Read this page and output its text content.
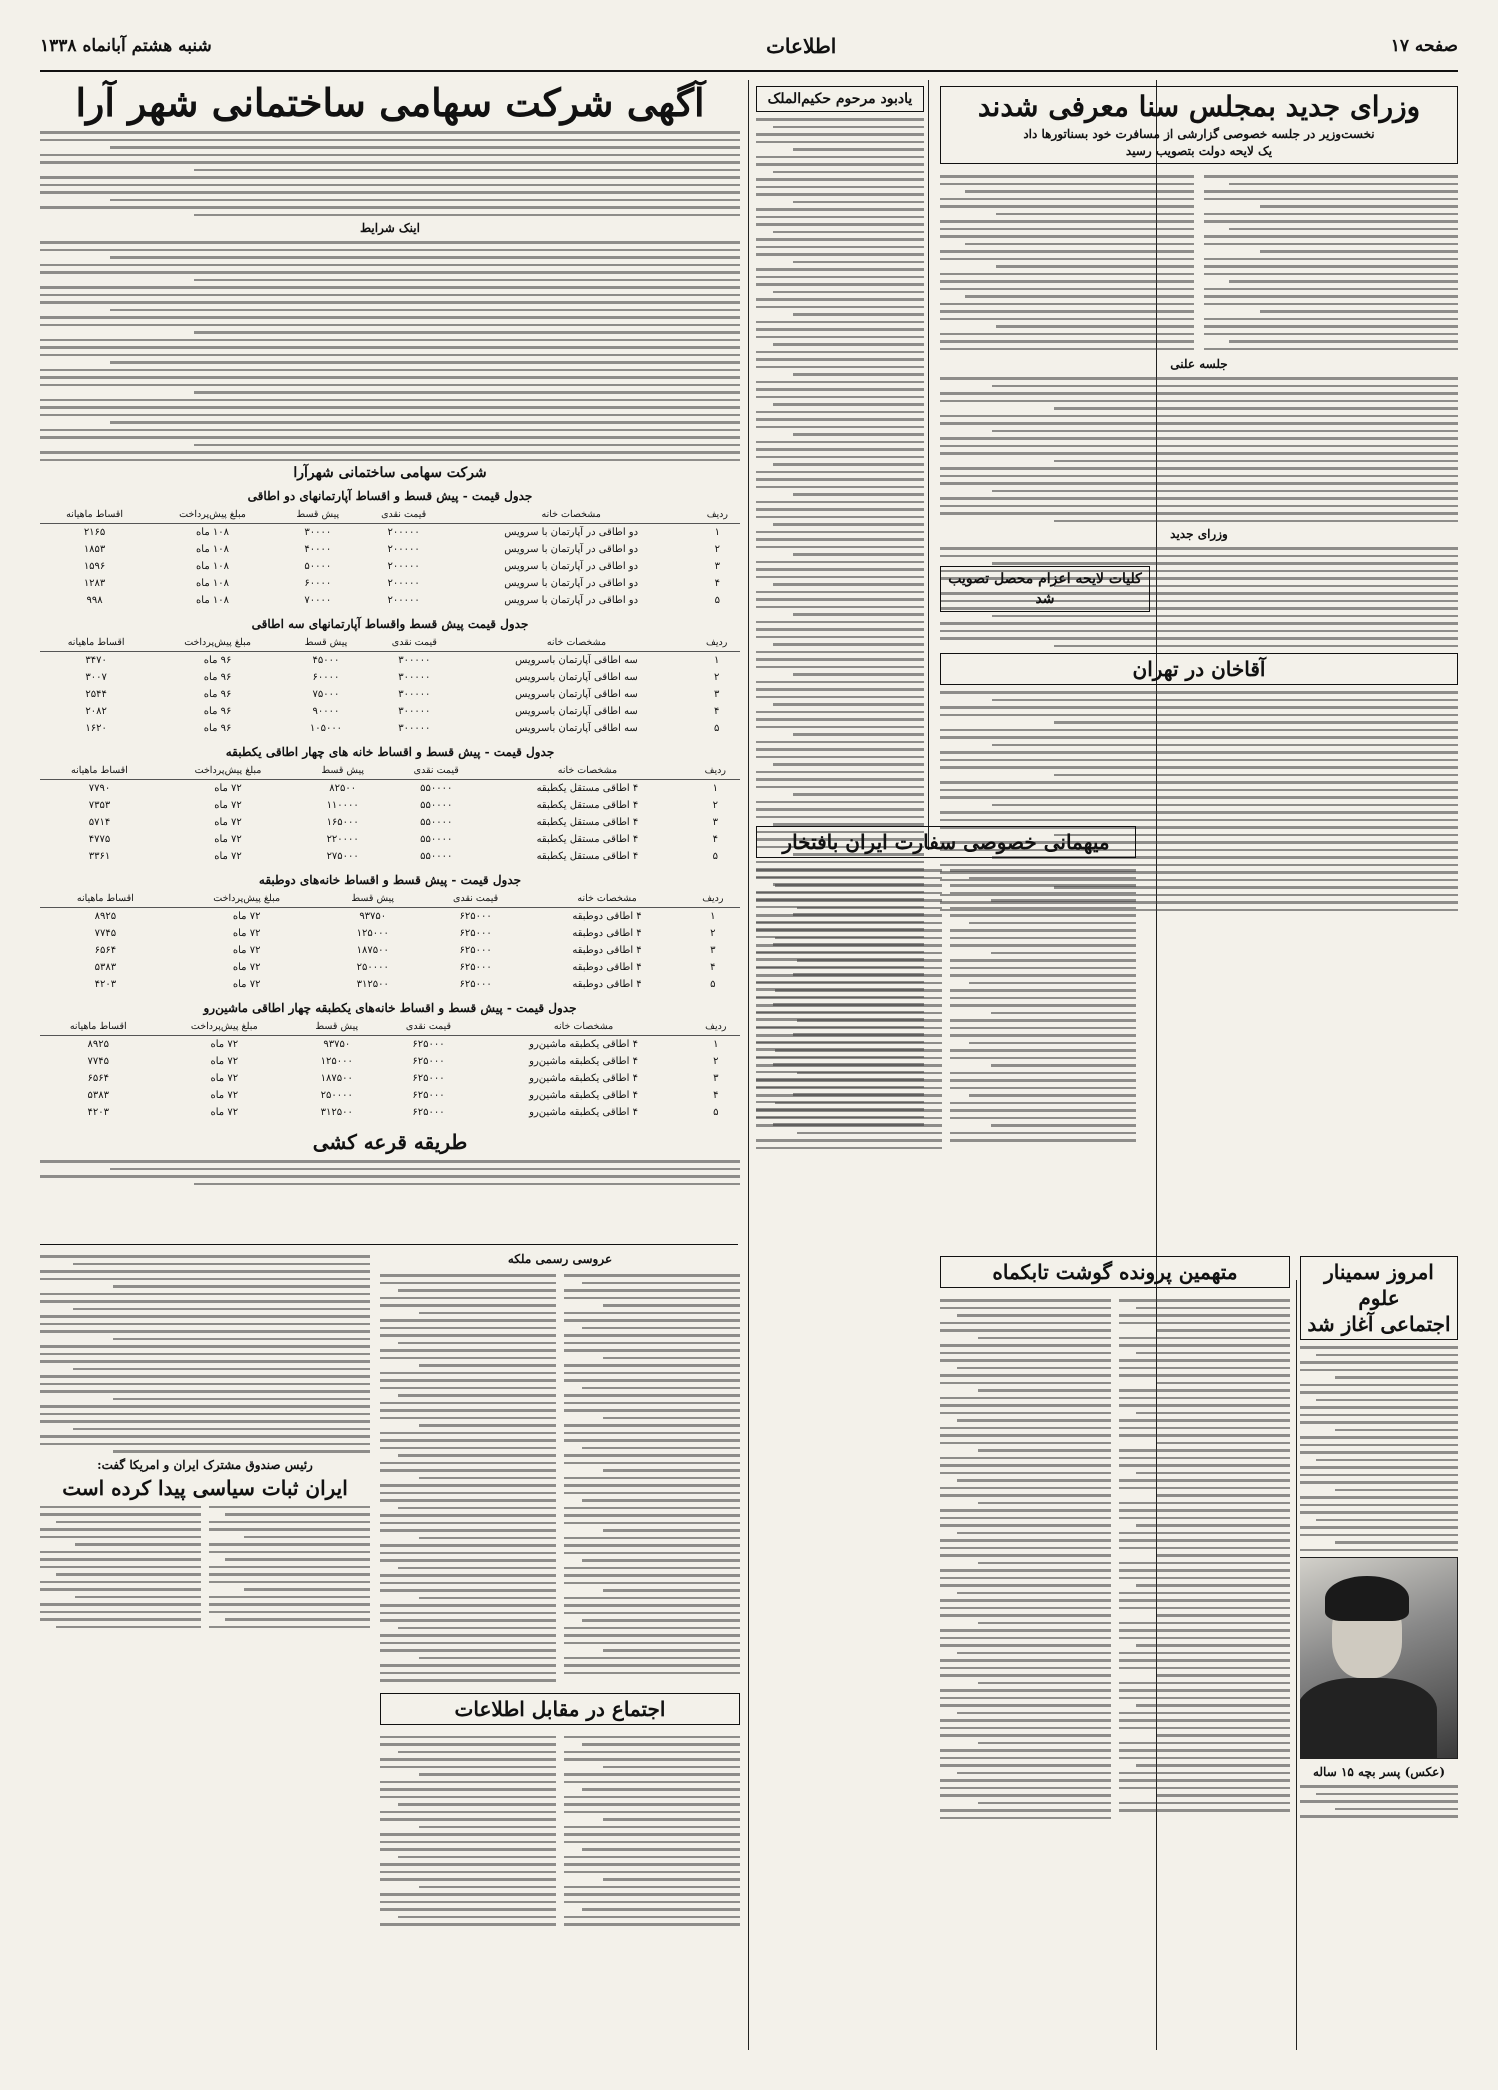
صفحه ۱۷
اطلاعات
شنبه هشتم آبانماه ۱۳۳۸
وزرای جدید بمجلس سنا معرفی شدند
نخست‌وزیر در جلسه خصوصی گزارشی از مسافرت خود بسناتورها داد
یک لایحه دولت بتصویب رسید
جلسه علنی
وزرای جدید
آقاخان در تهران
امروز سمینار علوم
اجتماعی آغاز شد
(عکس) پسر بچه ۱۵ ساله
متهمین پرونده گوشت تابکماه
یادبود مرحوم حکیم‌الملک
میهمانی خصوصی سفارت ایران بافتخار
کلیات لایحه اعزام محصل تصویب شد
عروسی رسمی ملکه
اجتماع در مقابل اطلاعات
آگهی شرکت سهامی ساختمانی شهر آرا
اینک شرایط
شرکت سهامی ساختمانی شهرآرا
جدول قیمت - پیش قسط و اقساط آپارتمانهای دو اطاقی
ردیف	مشخصات خانه	قیمت نقدی	پیش قسط	مبلغ پیش‌پرداخت	اقساط ماهیانه
۱	دو اطاقی در آپارتمان با سرویس	۲۰۰۰۰۰	۳۰۰۰۰	۱۰۸ ماه	۲۱۶۵
۲	دو اطاقی در آپارتمان با سرویس	۲۰۰۰۰۰	۴۰۰۰۰	۱۰۸ ماه	۱۸۵۳
۳	دو اطاقی در آپارتمان با سرویس	۲۰۰۰۰۰	۵۰۰۰۰	۱۰۸ ماه	۱۵۹۶
۴	دو اطاقی در آپارتمان با سرویس	۲۰۰۰۰۰	۶۰۰۰۰	۱۰۸ ماه	۱۲۸۳
۵	دو اطاقی در آپارتمان با سرویس	۲۰۰۰۰۰	۷۰۰۰۰	۱۰۸ ماه	۹۹۸
جدول قیمت پیش قسط واقساط آپارتمانهای سه اطاقی
ردیف	مشخصات خانه	قیمت نقدی	پیش قسط	مبلغ پیش‌پرداخت	اقساط ماهیانه
۱	سه اطاقی آپارتمان باسرویس	۳۰۰۰۰۰	۴۵۰۰۰	۹۶ ماه	۳۴۷۰
۲	سه اطاقی آپارتمان باسرویس	۳۰۰۰۰۰	۶۰۰۰۰	۹۶ ماه	۳۰۰۷
۳	سه اطاقی آپارتمان باسرویس	۳۰۰۰۰۰	۷۵۰۰۰	۹۶ ماه	۲۵۴۴
۴	سه اطاقی آپارتمان باسرویس	۳۰۰۰۰۰	۹۰۰۰۰	۹۶ ماه	۲۰۸۲
۵	سه اطاقی آپارتمان باسرویس	۳۰۰۰۰۰	۱۰۵۰۰۰	۹۶ ماه	۱۶۲۰
جدول قیمت - پیش قسط و اقساط خانه های چهار اطاقی یکطبقه
ردیف	مشخصات خانه	قیمت نقدی	پیش قسط	مبلغ پیش‌پرداخت	اقساط ماهیانه
۱	۴ اطاقی مستقل یکطبقه	۵۵۰۰۰۰	۸۲۵۰۰	۷۲ ماه	۷۷۹۰
۲	۴ اطاقی مستقل یکطبقه	۵۵۰۰۰۰	۱۱۰۰۰۰	۷۲ ماه	۷۳۵۳
۳	۴ اطاقی مستقل یکطبقه	۵۵۰۰۰۰	۱۶۵۰۰۰	۷۲ ماه	۵۷۱۴
۴	۴ اطاقی مستقل یکطبقه	۵۵۰۰۰۰	۲۲۰۰۰۰	۷۲ ماه	۴۷۷۵
۵	۴ اطاقی مستقل یکطبقه	۵۵۰۰۰۰	۲۷۵۰۰۰	۷۲ ماه	۳۳۶۱
جدول قیمت - پیش قسط و اقساط خانه‌های دوطبقه
ردیف	مشخصات خانه	قیمت نقدی	پیش قسط	مبلغ پیش‌پرداخت	اقساط ماهیانه
۱	۴ اطاقی دوطبقه	۶۲۵۰۰۰	۹۳۷۵۰	۷۲ ماه	۸۹۲۵
۲	۴ اطاقی دوطبقه	۶۲۵۰۰۰	۱۲۵۰۰۰	۷۲ ماه	۷۷۴۵
۳	۴ اطاقی دوطبقه	۶۲۵۰۰۰	۱۸۷۵۰۰	۷۲ ماه	۶۵۶۴
۴	۴ اطاقی دوطبقه	۶۲۵۰۰۰	۲۵۰۰۰۰	۷۲ ماه	۵۳۸۳
۵	۴ اطاقی دوطبقه	۶۲۵۰۰۰	۳۱۲۵۰۰	۷۲ ماه	۴۲۰۳
جدول قیمت - پیش قسط و اقساط خانه‌های یکطبقه چهار اطاقی ماشین‌رو
ردیف	مشخصات خانه	قیمت نقدی	پیش قسط	مبلغ پیش‌پرداخت	اقساط ماهیانه
۱	۴ اطاقی یکطبقه ماشین‌رو	۶۲۵۰۰۰	۹۳۷۵۰	۷۲ ماه	۸۹۲۵
۲	۴ اطاقی یکطبقه ماشین‌رو	۶۲۵۰۰۰	۱۲۵۰۰۰	۷۲ ماه	۷۷۴۵
۳	۴ اطاقی یکطبقه ماشین‌رو	۶۲۵۰۰۰	۱۸۷۵۰۰	۷۲ ماه	۶۵۶۴
۴	۴ اطاقی یکطبقه ماشین‌رو	۶۲۵۰۰۰	۲۵۰۰۰۰	۷۲ ماه	۵۳۸۳
۵	۴ اطاقی یکطبقه ماشین‌رو	۶۲۵۰۰۰	۳۱۲۵۰۰	۷۲ ماه	۴۲۰۳
طریقه قرعه کشی
رئیس صندوق مشترک ایران و امریکا گفت:
ایران ثبات سیاسی پیدا کرده است
